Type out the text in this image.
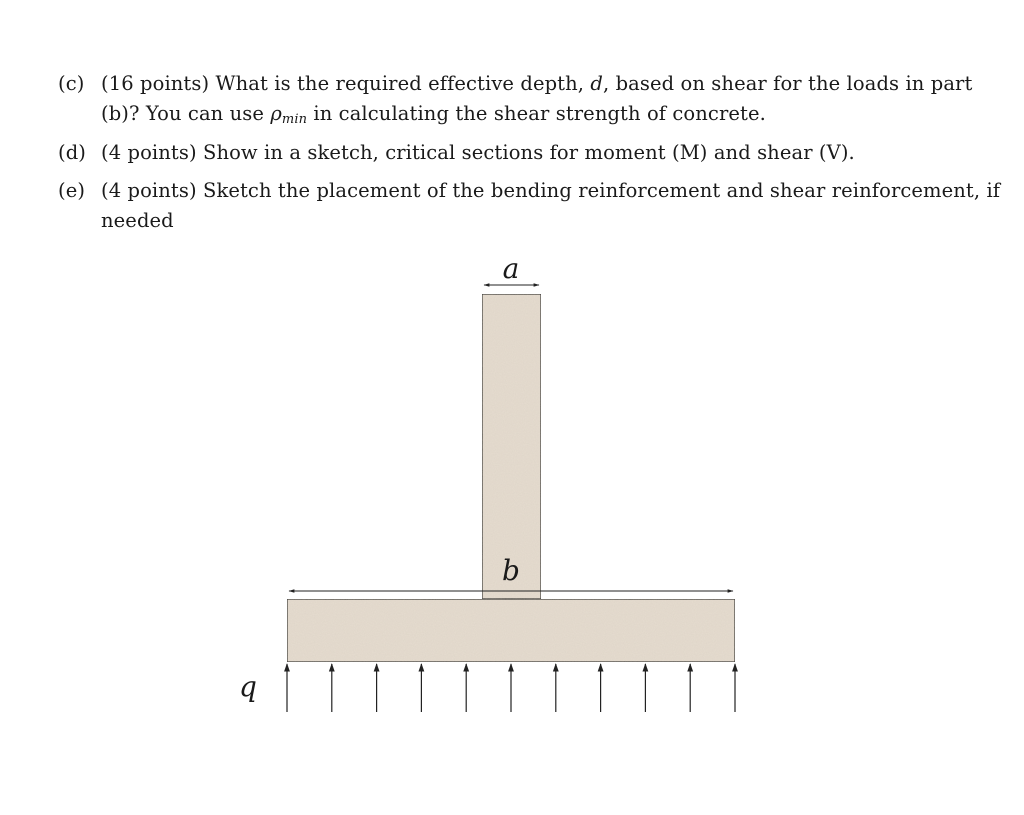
(c) (16 points) What is the required effective depth, d, based on shear for the loads in part (b)? You can use $\rho_{min}$ in calculating the shear strength of concrete.
(d) (4 points) Show in a sketch, critical sections for moment (M) and shear (V).
(e) (4 points) Sketch the placement of the bending reinforcement and shear reinforcement, if needed
a
b
q
